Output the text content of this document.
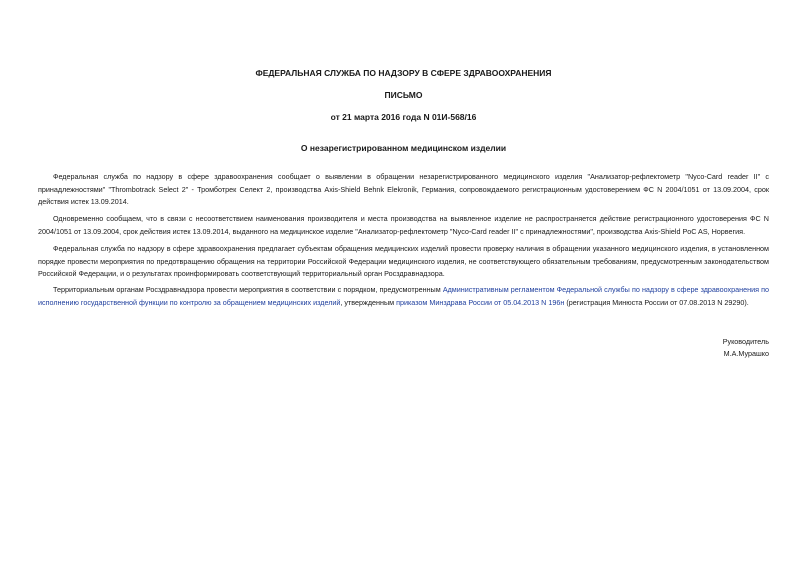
ФЕДЕРАЛЬНАЯ СЛУЖБА ПО НАДЗОРУ В СФЕРЕ ЗДРАВООХРАНЕНИЯ
ПИСЬМО
от 21 марта 2016 года N 01И-568/16
О незарегистрированном медицинском изделии

Федеральная служба по надзору в сфере здравоохранения сообщает о выявлении в обращении незарегистрированного медицинского изделия "Анализатор-рефлектометр "Nyco-Card reader II" с принадлежностями" "Thrombotrack Select 2" - Тромботрек Селект 2, производства Axis-Shield Behnk Elekronik, Германия, сопровождаемого регистрационным удостоверением ФС N 2004/1051 от 13.09.2004, срок действия истек 13.09.2014.

Одновременно сообщаем, что в связи с несоответствием наименования производителя и места производства на выявленное изделие не распространяется действие регистрационного удостоверения ФС N 2004/1051 от 13.09.2004, срок действия истек 13.09.2014, выданного на медицинское изделие "Анализатор-рефлектометр "Nyco-Card reader II" с принадлежностями", производства Axis-Shield PoC AS, Норвегия.

Федеральная служба по надзору в сфере здравоохранения предлагает субъектам обращения медицинских изделий провести проверку наличия в обращении указанного медицинского изделия, в установленном порядке провести мероприятия по предотвращению обращения на территории Российской Федерации медицинского изделия, не соответствующего обязательным требованиям, предусмотренным законодательством Российской Федерации, и о результатах проинформировать соответствующий территориальный орган Росздравнадзора.

Территориальным органам Росздравнадзора провести мероприятия в соответствии с порядком, предусмотренным Административным регламентом Федеральной службы по надзору в сфере здравоохранения по исполнению государственной функции по контролю за обращением медицинских изделий, утвержденным приказом Минздрава России от 05.04.2013 N 196н (регистрация Минюста России от 07.08.2013 N 29290).

Руководитель
М.А.Мурашко
